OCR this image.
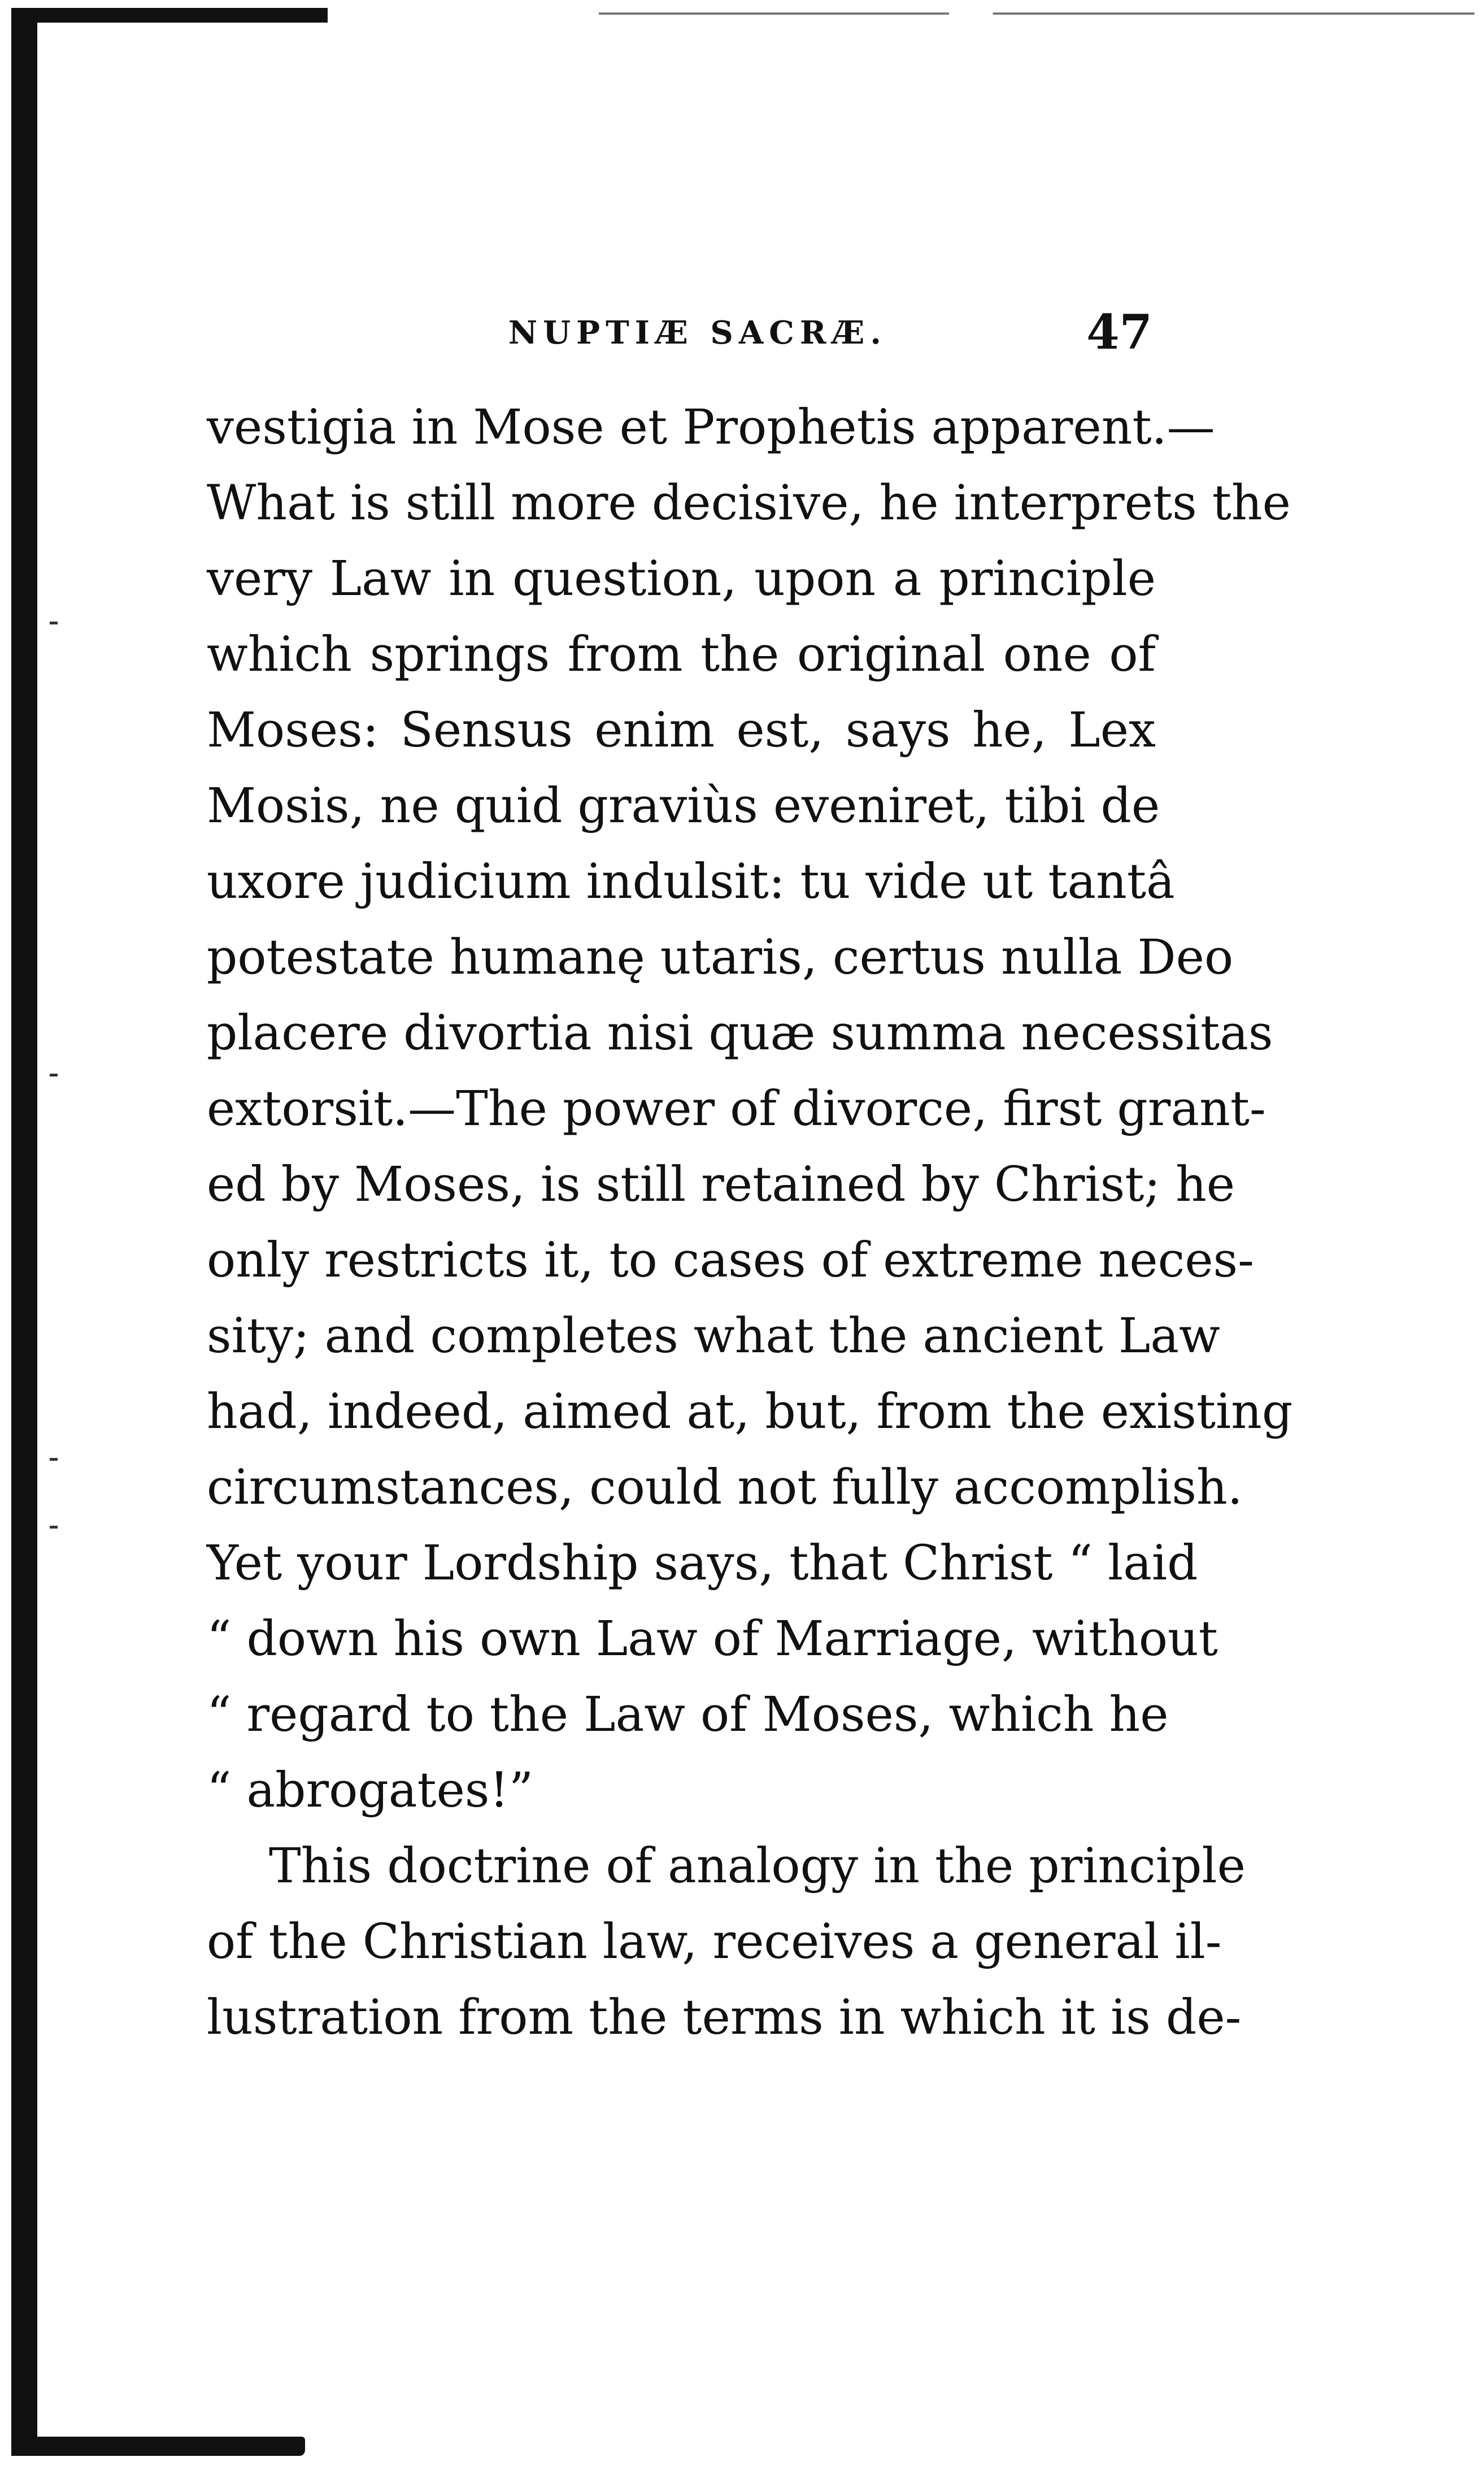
NUPTIÆ SACRÆ.	47
vestigia in Mose et Prophetis apparent.—
What is still more decisive, he interprets the
very Law in question, upon a principle
which springs from the original one of
Moses: Sensus enim est, says he, Lex
Mosis, ne quid graviùs eveniret, tibi de
uxore judicium indulsit: tu vide ut tantâ
potestate humanę utaris, certus nulla Deo
placere divortia nisi quæ summa necessitas
extorsit.—The power of divorce, first grant-
ed by Moses, is still retained by Christ; he
only restricts it, to cases of extreme neces-
sity; and completes what the ancient Law
had, indeed, aimed at, but, from the existing
circumstances, could not fully accomplish.
Yet your Lordship says, that Christ “ laid
“ down his own Law of Marriage, without
“ regard to the Law of Moses, which he
“ abrogates!”
This doctrine of analogy in the principle
of the Christian law, receives a general il-
lustration from the terms in which it is de-
